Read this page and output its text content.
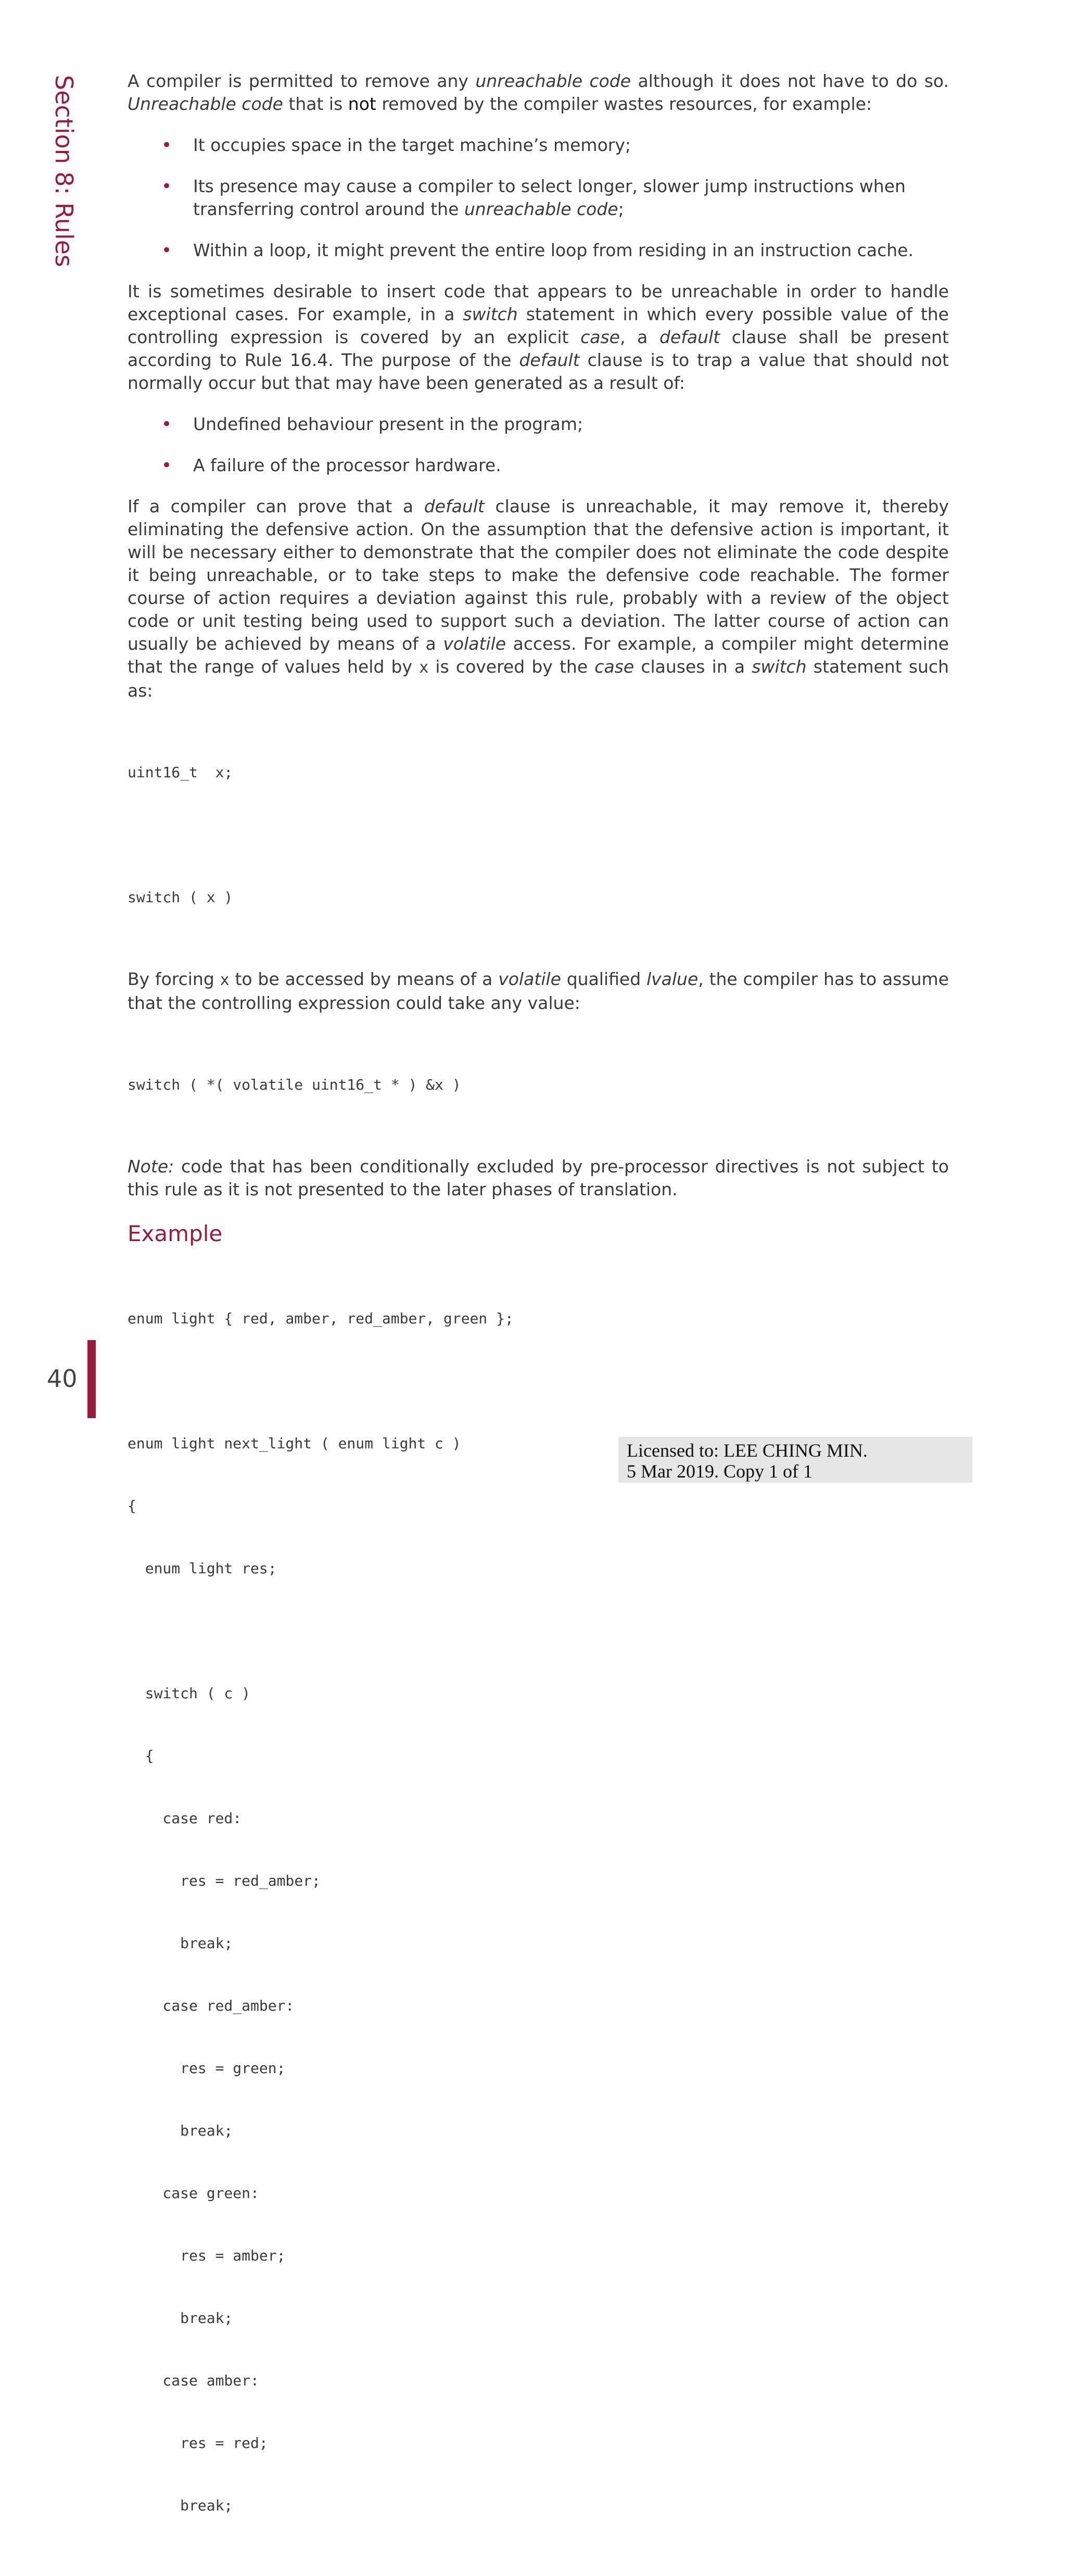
Section 8: Rules	A compiler is permitted to remove any unreachable code although it does not have to do so. Unreachable code that is not removed by the compiler wastes resources, for example:

• It occupies space in the target machine’s memory;
• Its presence may cause a compiler to select longer, slower jump instructions when transferring control around the unreachable code;
• Within a loop, it might prevent the entire loop from residing in an instruction cache.

It is sometimes desirable to insert code that appears to be unreachable in order to handle exceptional cases. For example, in a switch statement in which every possible value of the controlling expression is covered by an explicit case, a default clause shall be present according to Rule 16.4. The purpose of the default clause is to trap a value that should not normally occur but that may have been generated as a result of:

• Undefined behaviour present in the program;
• A failure of the processor hardware.

If a compiler can prove that a default clause is unreachable, it may remove it, thereby eliminating the defensive action. On the assumption that the defensive action is important, it will be necessary either to demonstrate that the compiler does not eliminate the code despite it being unreachable, or to take steps to make the defensive code reachable. The former course of action requires a deviation against this rule, probably with a review of the object code or unit testing being used to support such a deviation. The latter course of action can usually be achieved by means of a volatile access. For example, a compiler might determine that the range of values held by x is covered by the case clauses in a switch statement such as:

uint16_t  x;

switch ( x )

By forcing x to be accessed by means of a volatile qualified lvalue, the compiler has to assume that the controlling expression could take any value:

switch ( *( volatile uint16_t * ) &x )

Note: code that has been conditionally excluded by pre-processor directives is not subject to this rule as it is not presented to the later phases of translation.

Example

enum light { red, amber, red_amber, green };

enum light next_light ( enum light c )

{

enum light res;

switch ( c )

{

case red:

res = red_amber;

break;

case red_amber:

res = green;

break;

case green:

res = amber;

break;

case amber:

res = red;

break;

40
Licensed to: LEE CHING MIN.
5 Mar 2019. Copy 1 of 1
